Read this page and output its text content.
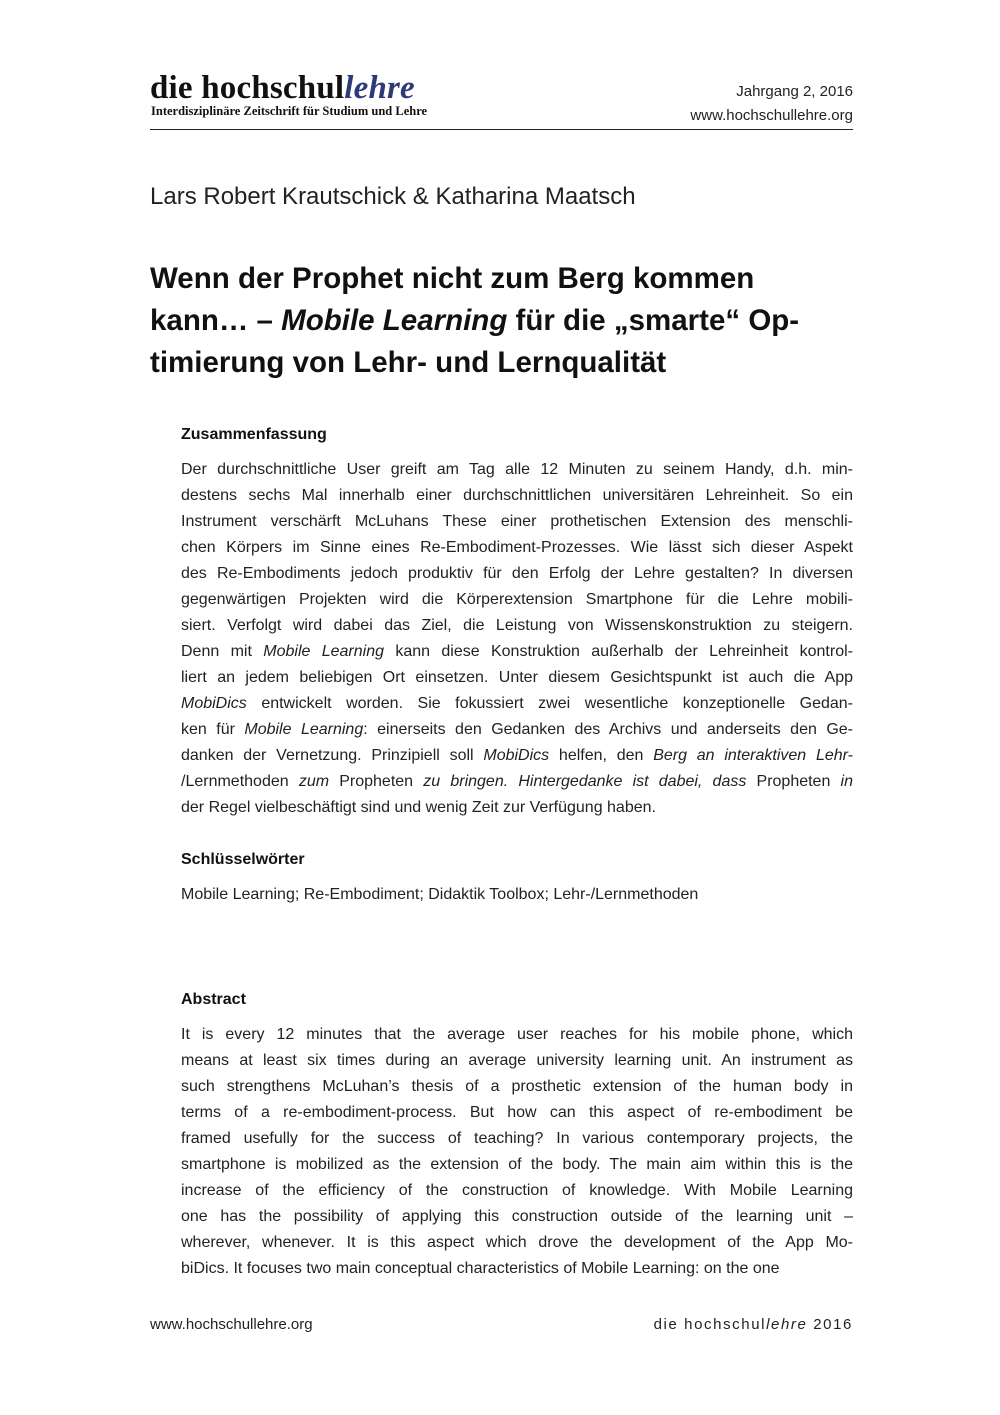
die hochschullehre
Interdisziplinäre Zeitschrift für Studium und Lehre
Jahrgang 2, 2016
www.hochschullehre.org
Lars Robert Krautschick & Katharina Maatsch
Wenn der Prophet nicht zum Berg kommen
kann… – Mobile Learning für die „smarte“ Op-
timierung von Lehr- und Lernqualität
Zusammenfassung
Der durchschnittliche User greift am Tag alle 12 Minuten zu seinem Handy, d.h. min-
destens sechs Mal innerhalb einer durchschnittlichen universitären Lehreinheit. So ein
Instrument verschärft McLuhans These einer prothetischen Extension des menschli-
chen Körpers im Sinne eines Re-Embodiment-Prozesses. Wie lässt sich dieser Aspekt
des Re-Embodiments jedoch produktiv für den Erfolg der Lehre gestalten? In diversen
gegenwärtigen Projekten wird die Körperextension Smartphone für die Lehre mobili-
siert. Verfolgt wird dabei das Ziel, die Leistung von Wissenskonstruktion zu steigern.
Denn mit Mobile Learning kann diese Konstruktion außerhalb der Lehreinheit kontrol-
liert an jedem beliebigen Ort einsetzen. Unter diesem Gesichtspunkt ist auch die App
MobiDics entwickelt worden. Sie fokussiert zwei wesentliche konzeptionelle Gedan-
ken für Mobile Learning: einerseits den Gedanken des Archivs und anderseits den Ge-
danken der Vernetzung. Prinzipiell soll MobiDics helfen, den Berg an interaktiven Lehr-
/Lernmethoden zum Propheten zu bringen. Hintergedanke ist dabei, dass Propheten in
der Regel vielbeschäftigt sind und wenig Zeit zur Verfügung haben.
Schlüsselwörter
Mobile Learning; Re-Embodiment; Didaktik Toolbox; Lehr-/Lernmethoden
Abstract
It is every 12 minutes that the average user reaches for his mobile phone, which
means at least six times during an average university learning unit. An instrument as
such strengthens McLuhan’s thesis of a prosthetic extension of the human body in
terms of a re-embodiment-process. But how can this aspect of re-embodiment be
framed usefully for the success of teaching? In various contemporary projects, the
smartphone is mobilized as the extension of the body. The main aim within this is the
increase of the efficiency of the construction of knowledge. With Mobile Learning
one has the possibility of applying this construction outside of the learning unit –
wherever, whenever. It is this aspect which drove the development of the App Mo-
biDics. It focuses two main conceptual characteristics of Mobile Learning: on the one
www.hochschullehre.org	die hochschullehre 2016
